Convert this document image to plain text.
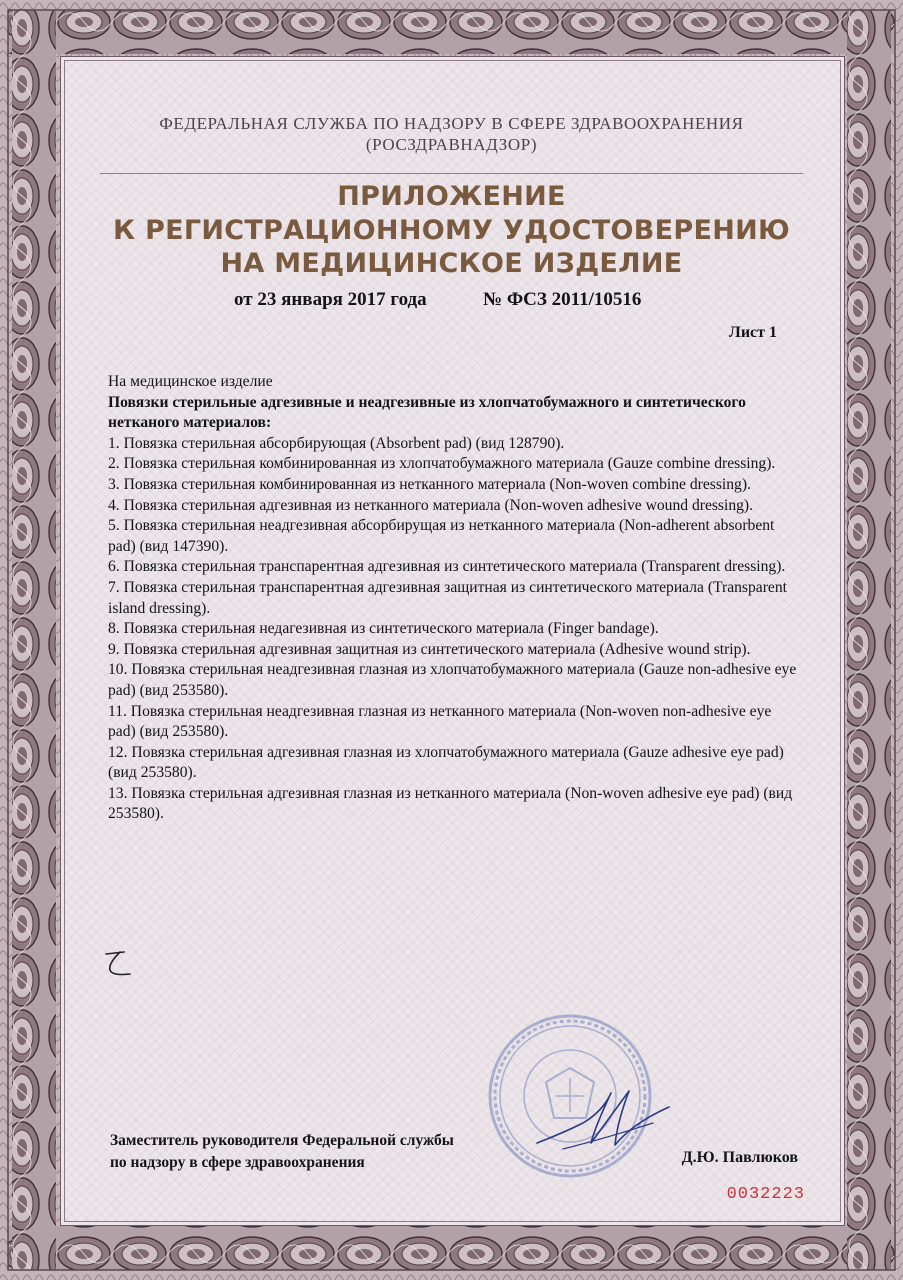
ФЕДЕРАЛЬНАЯ СЛУЖБА ПО НАДЗОРУ В СФЕРЕ ЗДРАВООХРАНЕНИЯ
(РОСЗДРАВНАДЗОР)
ПРИЛОЖЕНИЕ
К РЕГИСТРАЦИОННОМУ УДОСТОВЕРЕНИЮ
НА МЕДИЦИНСКОЕ ИЗДЕЛИЕ
от 23 января 2017 года	№ ФСЗ 2011/10516
Лист 1

На медицинское изделие

Повязки стерильные адгезивные и неадгезивные из хлопчатобумажного и синтетического нетканого материалов:

1. Повязка стерильная абсорбирующая (Absorbent pad) (вид 128790).

2. Повязка стерильная комбинированная из хлопчатобумажного материала (Gauze combine dressing).

3. Повязка стерильная комбинированная из нетканного материала (Non-woven combine dressing).

4. Повязка стерильная адгезивная из нетканного материала (Non-woven adhesive wound dressing).

5. Повязка стерильная неадгезивная абсорбирущая из нетканного материала (Non-adherent absorbent pad) (вид 147390).

6. Повязка стерильная транспарентная адгезивная из синтетического материала (Transparent dressing).

7. Повязка стерильная транспарентная адгезивная защитная из синтетического материала (Transparent island dressing).

8. Повязка стерильная недагезивная из синтетического материала (Finger bandage).

9. Повязка стерильная адгезивная защитная из синтетического материала (Adhesive wound strip).

10. Повязка стерильная неадгезивная глазная из хлопчатобумажного материала (Gauze non-adhesive eye pad) (вид 253580).

11. Повязка стерильная неадгезивная глазная из нетканного материала (Non-woven non-adhesive eye pad) (вид 253580).

12. Повязка стерильная адгезивная глазная из хлопчатобумажного материала (Gauze adhesive eye pad) (вид 253580).

13. Повязка стерильная адгезивная глазная из нетканного материала (Non-woven adhesive eye pad) (вид 253580).

Заместитель руководителя Федеральной службы
по надзору в сфере здравоохранения	Д.Ю. Павлюков
0032223
